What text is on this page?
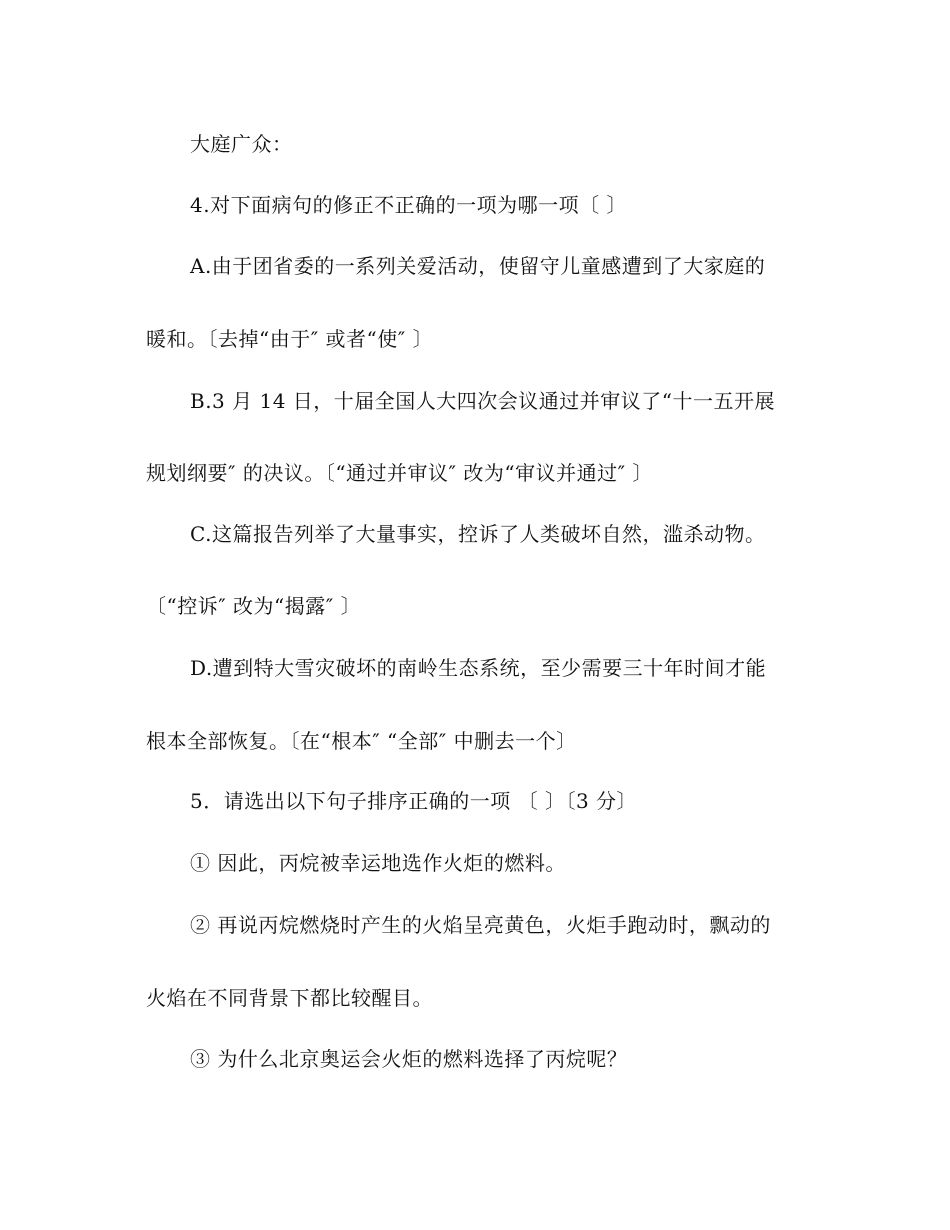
大庭广众：
4.对下面病句的修正不正确的一项为哪一项〔 〕
A.由于团省委的一系列关爱活动，使留守儿童感遭到了大家庭的
暖和。〔去掉“由于″ 或者“使″ 〕
B.3 月 14 日，十届全国人大四次会议通过并审议了“十一五开展
规划纲要″ 的决议。〔“通过并审议″ 改为“审议并通过″ 〕
C.这篇报告列举了大量事实，控诉了人类破坏自然，滥杀动物。
〔“控诉″ 改为“揭露″ 〕
D.遭到特大雪灾破坏的南岭生态系统，至少需要三十年时间才能
根本全部恢复。〔在“根本″ “全部″ 中删去一个〕
5．请选出以下句子排序正确的一项 〔 〕〔3 分〕
① 因此，丙烷被幸运地选作火炬的燃料。
② 再说丙烷燃烧时产生的火焰呈亮黄色，火炬手跑动时，飘动的
火焰在不同背景下都比较醒目。
③ 为什么北京奥运会火炬的燃料选择了丙烷呢？
